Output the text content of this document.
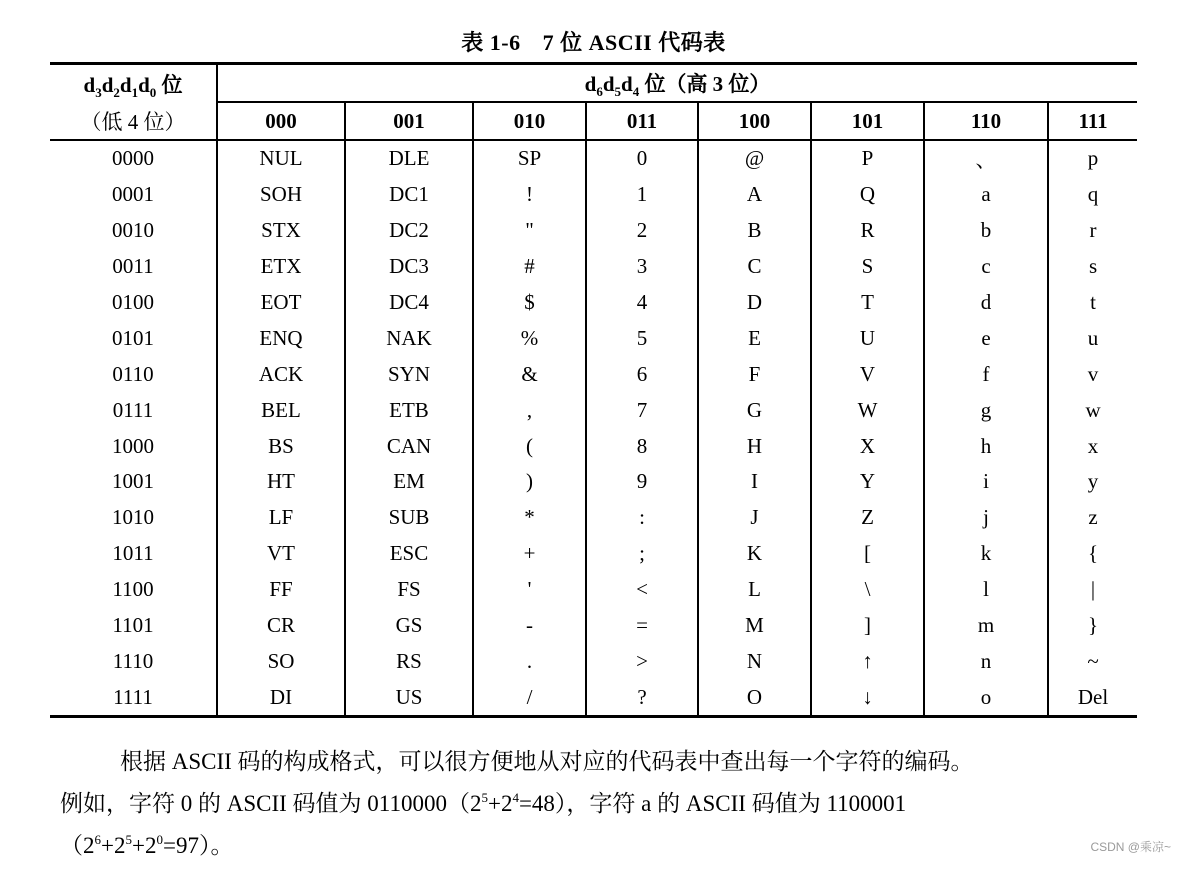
表 1-6 7 位 ASCII 代码表
$d_3d_2d_1d_0$ 位	$d_6d_5d_4$ 位（高 3 位）							
（低 4 位）	000	001	010	011	100	101	110	111
0000	NUL	DLE	SP	0	@	P	、	p
0001	SOH	DC1	!	1	A	Q	a	q
0010	STX	DC2	"	2	B	R	b	r
0011	ETX	DC3	#	3	C	S	c	s
0100	EOT	DC4	$	4	D	T	d	t
0101	ENQ	NAK	%	5	E	U	e	u
0110	ACK	SYN	&	6	F	V	f	v
0111	BEL	ETB	,	7	G	W	g	w
1000	BS	CAN	(	8	H	X	h	x
1001	HT	EM	)	9	I	Y	i	y
1010	LF	SUB	*	:	J	Z	j	z
1011	VT	ESC	+	;	K	[	k	{
1100	FF	FS	'	<	L	\	l	|
1101	CR	GS	-	=	M	]	m	}
1110	SO	RS	.	>	N	↑	n	~
1111	DI	US	/	?	O	↓	o	Del

根据 ASCII 码的构成格式，可以很方便地从对应的代码表中查出每一个字符的编码。

例如，字符 0 的 ASCII 码值为 $0110000(2^5+2^4=48)$，字符 a 的 ASCII 码值为 1100001

$(2^6+2^5+2^0=97)$。	CSDN @乘凉~
